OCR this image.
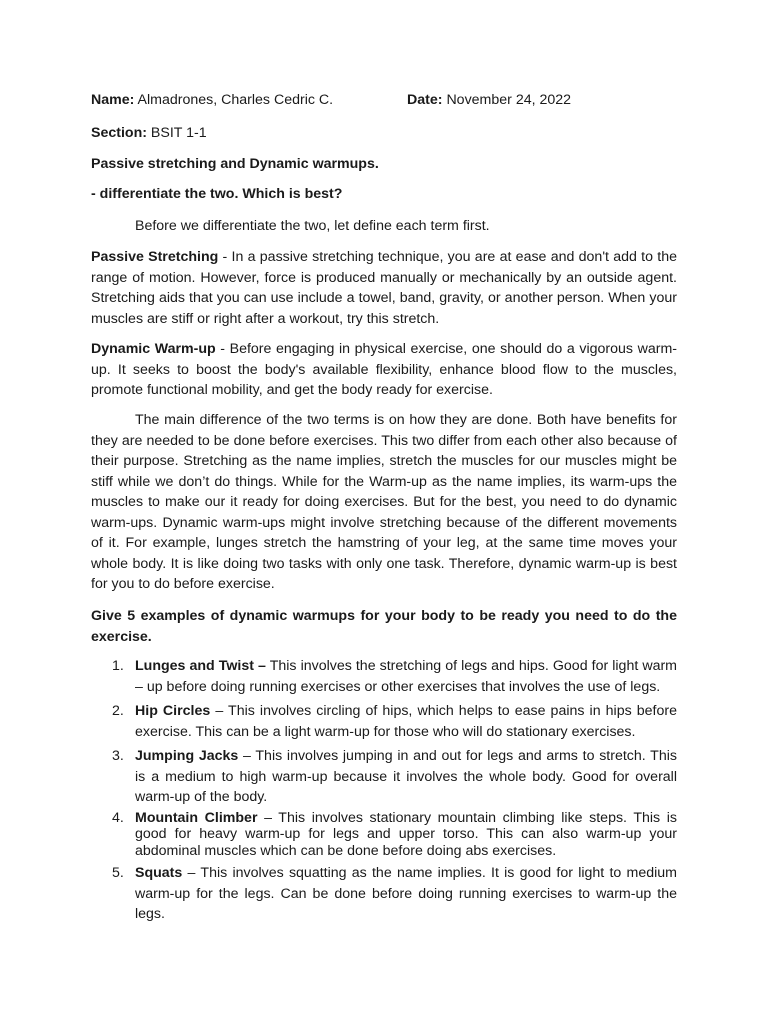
Name: Almadrones, Charles Cedric C.	Date: November 24, 2022
Section: BSIT 1-1
Passive stretching and Dynamic warmups.
- differentiate the two. Which is best?
Before we differentiate the two, let define each term first.
Passive Stretching - In a passive stretching technique, you are at ease and don't add to the range of motion. However, force is produced manually or mechanically by an outside agent. Stretching aids that you can use include a towel, band, gravity, or another person. When your muscles are stiff or right after a workout, try this stretch.
Dynamic Warm-up - Before engaging in physical exercise, one should do a vigorous warm-up. It seeks to boost the body's available flexibility, enhance blood flow to the muscles, promote functional mobility, and get the body ready for exercise.
The main difference of the two terms is on how they are done. Both have benefits for they are needed to be done before exercises. This two differ from each other also because of their purpose. Stretching as the name implies, stretch the muscles for our muscles might be stiff while we don’t do things. While for the Warm-up as the name implies, its warm-ups the muscles to make our it ready for doing exercises. But for the best, you need to do dynamic warm-ups. Dynamic warm-ups might involve stretching because of the different movements of it. For example, lunges stretch the hamstring of your leg, at the same time moves your whole body. It is like doing two tasks with only one task. Therefore, dynamic warm-up is best for you to do before exercise.
Give 5 examples of dynamic warmups for your body to be ready you need to do the exercise.
1. Lunges and Twist – This involves the stretching of legs and hips. Good for light warm – up before doing running exercises or other exercises that involves the use of legs.
2. Hip Circles – This involves circling of hips, which helps to ease pains in hips before exercise. This can be a light warm-up for those who will do stationary exercises.
3. Jumping Jacks – This involves jumping in and out for legs and arms to stretch. This is a medium to high warm-up because it involves the whole body. Good for overall warm-up of the body.
4. Mountain Climber – This involves stationary mountain climbing like steps. This is good for heavy warm-up for legs and upper torso. This can also warm-up your abdominal muscles which can be done before doing abs exercises.
5. Squats – This involves squatting as the name implies. It is good for light to medium warm-up for the legs. Can be done before doing running exercises to warm-up the legs.
